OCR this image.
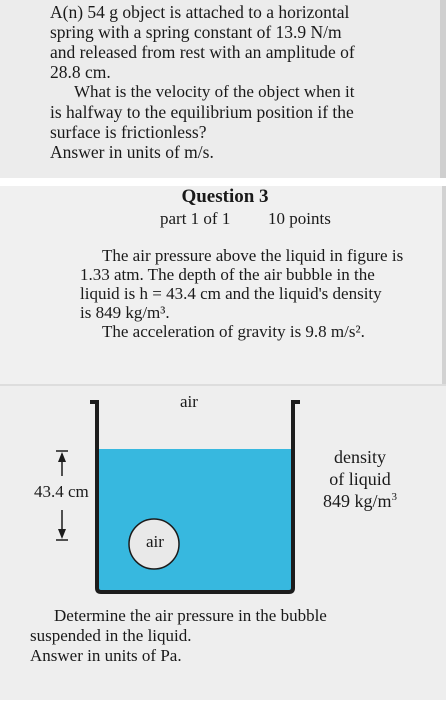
A(n) 54 g object is attached to a horizontal

spring with a spring constant of 13.9 N/m

and released from rest with an amplitude of

28.8 cm.

What is the velocity of the object when it

is halfway to the equilibrium position if the

surface is frictionless?

Answer in units of m/s.

Question 3
part 1 of 1 10 points
The air pressure above the liquid in figure is
1.33 atm. The depth of the air bubble in the
liquid is h = 43.4 cm and the liquid's density
is 849 kg/m³.
The acceleration of gravity is 9.8 m/s².
air
air
43.4 cm
density
of liquid
849 $kg/m^3$
Determine the air pressure in the bubble
suspended in the liquid.
Answer in units of Pa.
